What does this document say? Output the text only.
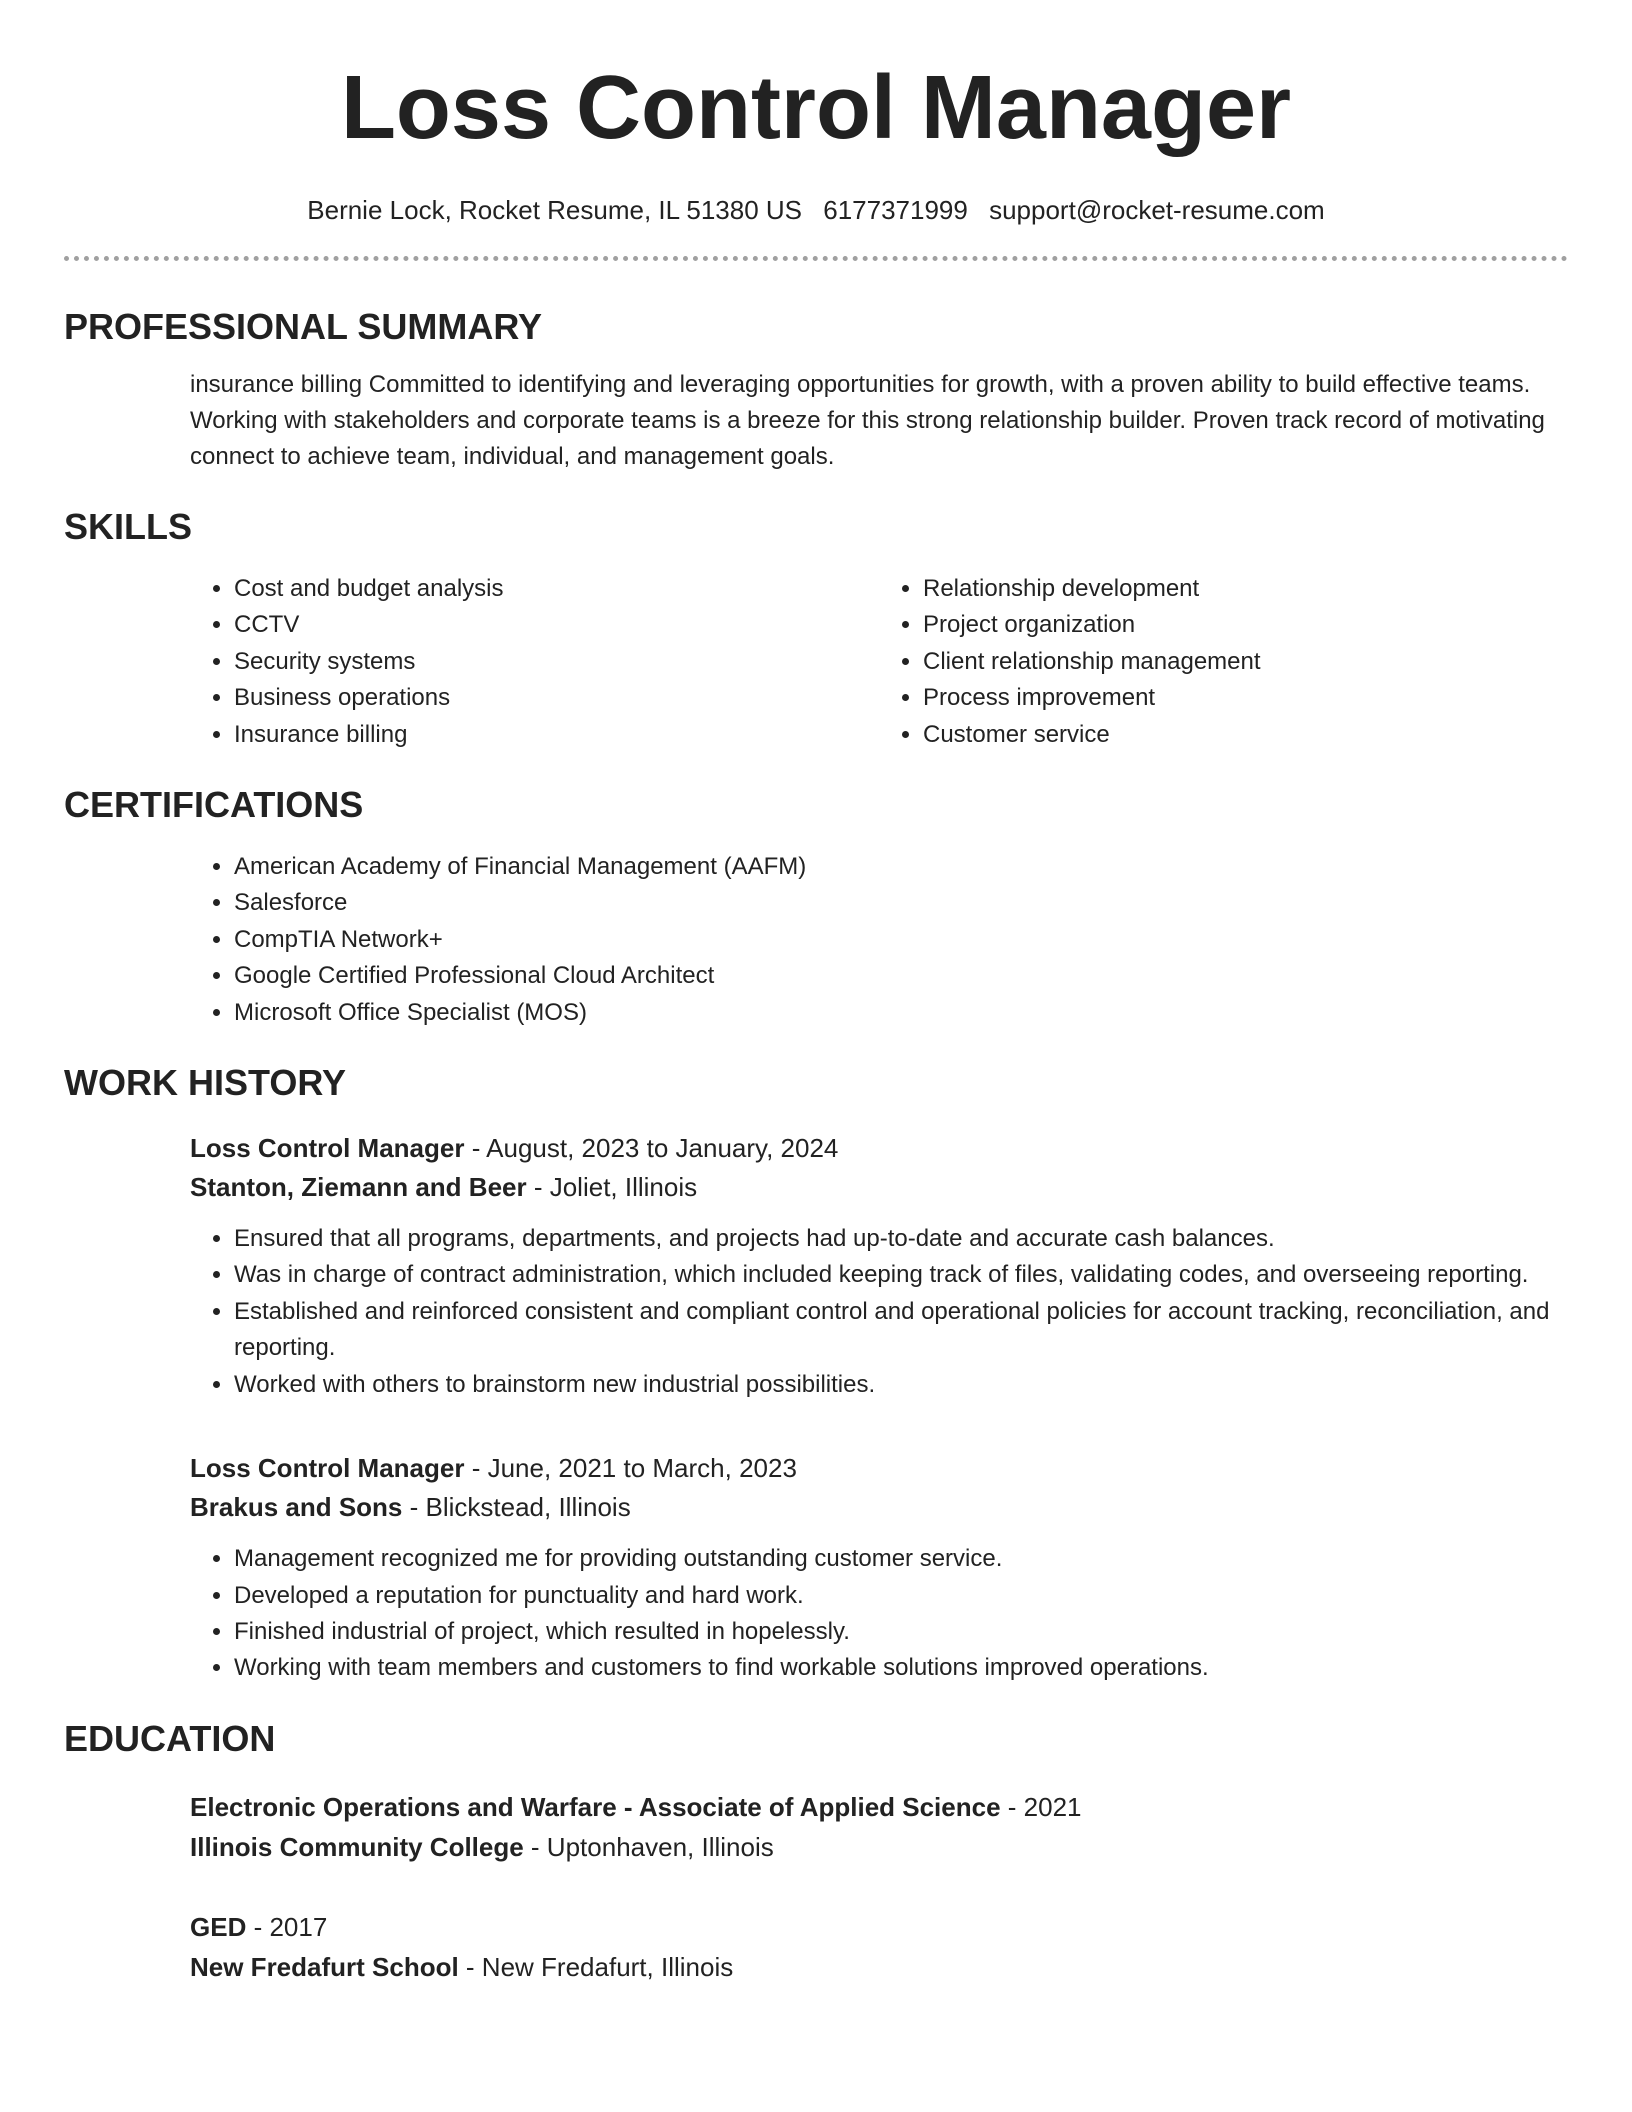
Loss Control Manager
Bernie Lock, Rocket Resume, IL 51380 US 6177371999 support@rocket-resume.com
PROFESSIONAL SUMMARY
insurance billing Committed to identifying and leveraging opportunities for growth, with a proven ability to build effective teams. Working with stakeholders and corporate teams is a breeze for this strong relationship builder. Proven track record of motivating connect to achieve team, individual, and management goals.
SKILLS
• Cost and budget analysis
• CCTV
• Security systems
• Business operations
• Insurance billing
• Relationship development
• Project organization
• Client relationship management
• Process improvement
• Customer service
CERTIFICATIONS
• American Academy of Financial Management (AAFM)
• Salesforce
• CompTIA Network+
• Google Certified Professional Cloud Architect
• Microsoft Office Specialist (MOS)
WORK HISTORY
Loss Control Manager - August, 2023 to January, 2024
Stanton, Ziemann and Beer - Joliet, Illinois
• Ensured that all programs, departments, and projects had up-to-date and accurate cash balances.
• Was in charge of contract administration, which included keeping track of files, validating codes, and overseeing reporting.
• Established and reinforced consistent and compliant control and operational policies for account tracking, reconciliation, and reporting.
• Worked with others to brainstorm new industrial possibilities.
Loss Control Manager - June, 2021 to March, 2023
Brakus and Sons - Blickstead, Illinois
• Management recognized me for providing outstanding customer service.
• Developed a reputation for punctuality and hard work.
• Finished industrial of project, which resulted in hopelessly.
• Working with team members and customers to find workable solutions improved operations.
EDUCATION
Electronic Operations and Warfare - Associate of Applied Science - 2021
Illinois Community College - Uptonhaven, Illinois
GED - 2017
New Fredafurt School - New Fredafurt, Illinois
